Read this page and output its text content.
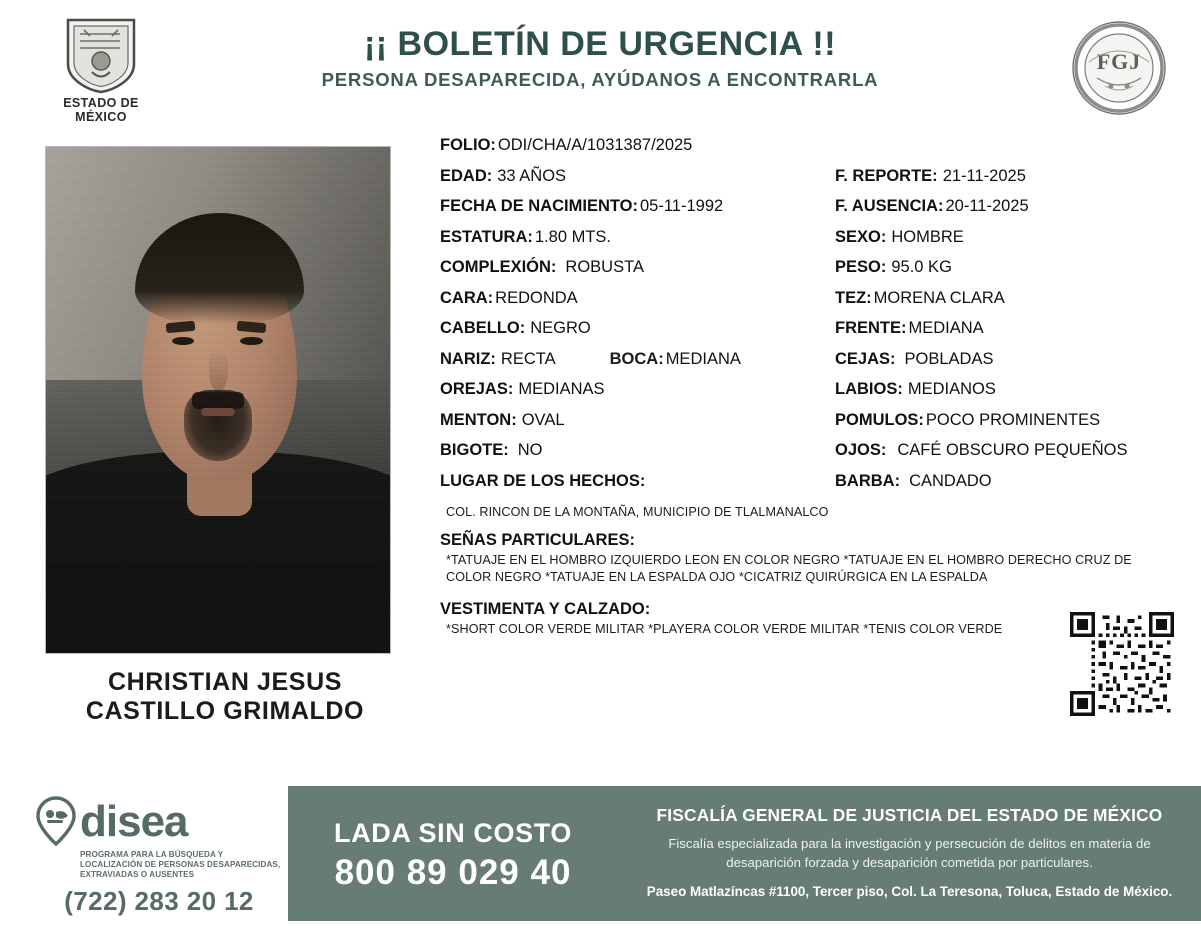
ESTADO DE MÉXICO
¡¡ BOLETÍN DE URGENCIA !!
PERSONA DESAPARECIDA, AYÚDANOS A ENCONTRARLA
FGJ
CHRISTIAN JESUS CASTILLO GRIMALDO
FOLIO: ODI/CHA/A/1031387/2025
EDAD: 33 AÑOS	F. REPORTE: 21-11-2025
FECHA DE NACIMIENTO: 05-11-1992	F. AUSENCIA: 20-11-2025
ESTATURA: 1.80 MTS.	SEXO: HOMBRE
COMPLEXIÓN: ROBUSTA	PESO: 95.0 KG
CARA: REDONDA	TEZ: MORENA CLARA
CABELLO: NEGRO	FRENTE: MEDIANA
NARIZ: RECTA	BOCA: MEDIANA	CEJAS: POBLADAS
OREJAS: MEDIANAS	LABIOS: MEDIANOS
MENTON: OVAL	POMULOS: POCO PROMINENTES
BIGOTE: NO	OJOS: CAFÉ OBSCURO PEQUEÑOS
LUGAR DE LOS HECHOS:	BARBA: CANDADO
COL. RINCON DE LA MONTAÑA, MUNICIPIO DE TLALMANALCO
SEÑAS PARTICULARES:
*TATUAJE EN EL HOMBRO IZQUIERDO LEON EN COLOR NEGRO *TATUAJE EN EL HOMBRO DERECHO CRUZ DE COLOR NEGRO *TATUAJE EN LA ESPALDA OJO *CICATRIZ QUIRÚRGICA EN LA ESPALDA
VESTIMENTA Y CALZADO:
*SHORT COLOR VERDE MILITAR *PLAYERA COLOR VERDE MILITAR *TENIS COLOR VERDE
disea
PROGRAMA PARA LA BÚSQUEDA Y LOCALIZACIÓN DE PERSONAS DESAPARECIDAS, EXTRAVIADAS O AUSENTES
(722) 283 20 12
LADA SIN COSTO
800 89 029 40
FISCALÍA GENERAL DE JUSTICIA DEL ESTADO DE MÉXICO
Fiscalía especializada para la investigación y persecución de delitos en materia de desaparición forzada y desaparición cometida por particulares.
Paseo Matlazíncas #1100, Tercer piso, Col. La Teresona, Toluca, Estado de México.
